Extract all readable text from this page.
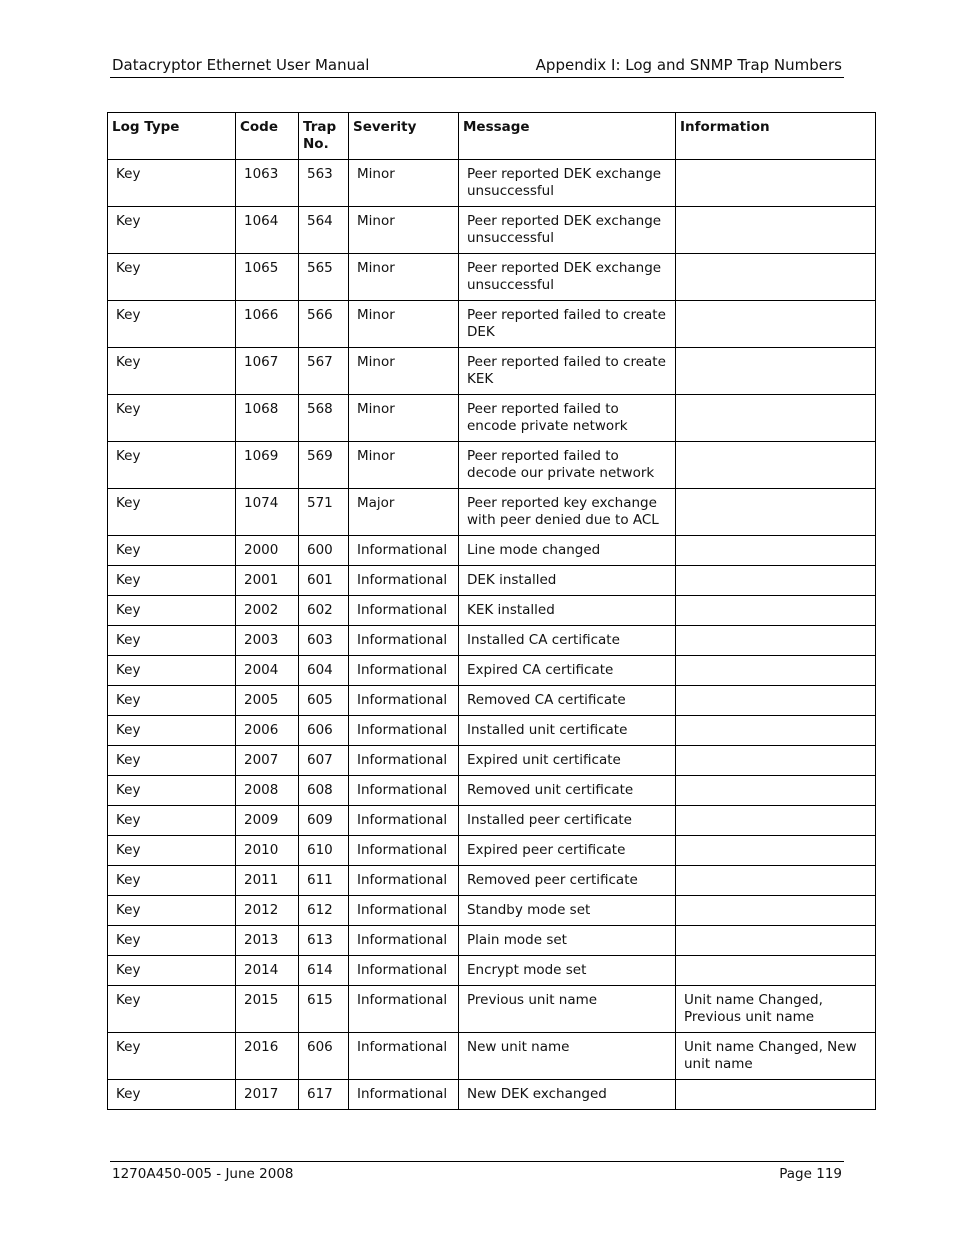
Datacryptor Ethernet User Manual	Appendix I: Log and SNMP Trap Numbers
Log Type	Code	Trap No.	Severity	Message	Information
Key	1063	563	Minor	Peer reported DEK exchange unsuccessful	
Key	1064	564	Minor	Peer reported DEK exchange unsuccessful	
Key	1065	565	Minor	Peer reported DEK exchange unsuccessful	
Key	1066	566	Minor	Peer reported failed to create DEK	
Key	1067	567	Minor	Peer reported failed to create KEK	
Key	1068	568	Minor	Peer reported failed to encode private network	
Key	1069	569	Minor	Peer reported failed to decode our private network	
Key	1074	571	Major	Peer reported key exchange with peer denied due to ACL	
Key	2000	600	Informational	Line mode changed	
Key	2001	601	Informational	DEK installed	
Key	2002	602	Informational	KEK installed	
Key	2003	603	Informational	Installed CA certificate	
Key	2004	604	Informational	Expired CA certificate	
Key	2005	605	Informational	Removed CA certificate	
Key	2006	606	Informational	Installed unit certificate	
Key	2007	607	Informational	Expired unit certificate	
Key	2008	608	Informational	Removed unit certificate	
Key	2009	609	Informational	Installed peer certificate	
Key	2010	610	Informational	Expired peer certificate	
Key	2011	611	Informational	Removed peer certificate	
Key	2012	612	Informational	Standby mode set	
Key	2013	613	Informational	Plain mode set	
Key	2014	614	Informational	Encrypt mode set	
Key	2015	615	Informational	Previous unit name	Unit name Changed, Previous unit name
Key	2016	606	Informational	New unit name	Unit name Changed, New unit name
Key	2017	617	Informational	New DEK exchanged	
1270A450-005 - June 2008	Page 119
